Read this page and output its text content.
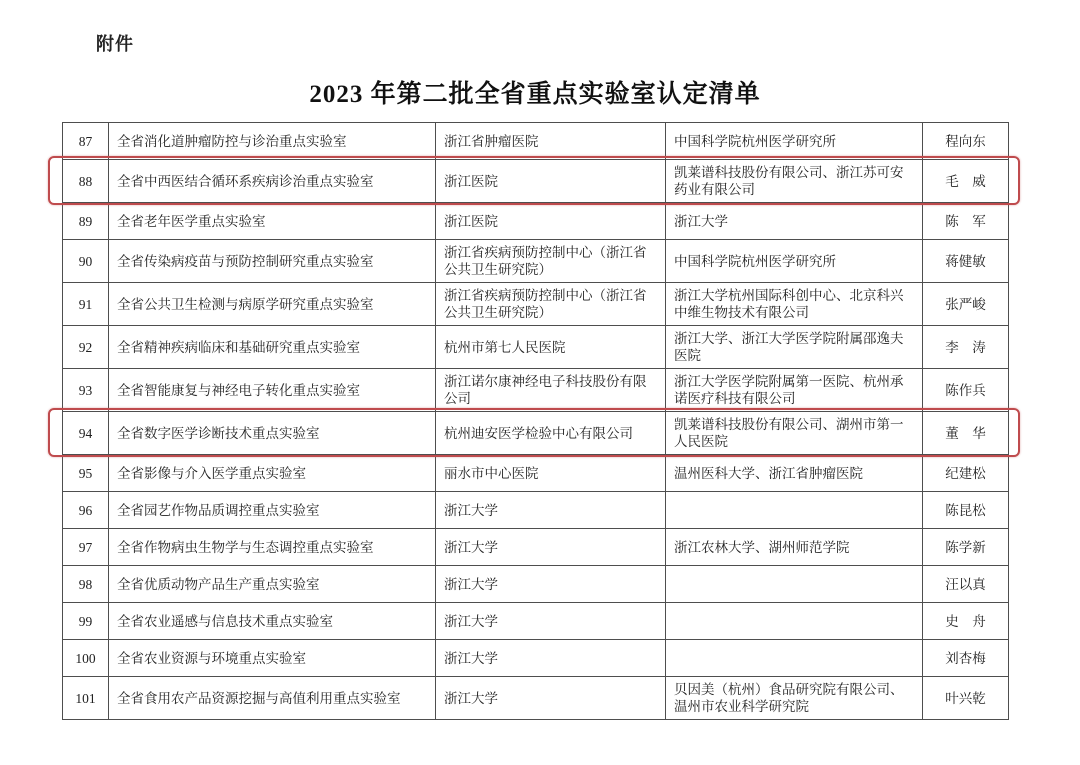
附件
2023 年第二批全省重点实验室认定清单
87	全省消化道肿瘤防控与诊治重点实验室	浙江省肿瘤医院	中国科学院杭州医学研究所	程向东
88	全省中西医结合循环系疾病诊治重点实验室	浙江医院	凯莱谱科技股份有限公司、浙江苏可安药业有限公司	毛　威
89	全省老年医学重点实验室	浙江医院	浙江大学	陈　军
90	全省传染病疫苗与预防控制研究重点实验室	浙江省疾病预防控制中心（浙江省公共卫生研究院）	中国科学院杭州医学研究所	蒋健敏
91	全省公共卫生检测与病原学研究重点实验室	浙江省疾病预防控制中心（浙江省公共卫生研究院）	浙江大学杭州国际科创中心、北京科兴中维生物技术有限公司	张严峻
92	全省精神疾病临床和基础研究重点实验室	杭州市第七人民医院	浙江大学、浙江大学医学院附属邵逸夫医院	李　涛
93	全省智能康复与神经电子转化重点实验室	浙江诺尔康神经电子科技股份有限公司	浙江大学医学院附属第一医院、杭州承诺医疗科技有限公司	陈作兵
94	全省数字医学诊断技术重点实验室	杭州迪安医学检验中心有限公司	凯莱谱科技股份有限公司、湖州市第一人民医院	董　华
95	全省影像与介入医学重点实验室	丽水市中心医院	温州医科大学、浙江省肿瘤医院	纪建松
96	全省园艺作物品质调控重点实验室	浙江大学		陈昆松
97	全省作物病虫生物学与生态调控重点实验室	浙江大学	浙江农林大学、湖州师范学院	陈学新
98	全省优质动物产品生产重点实验室	浙江大学		汪以真
99	全省农业遥感与信息技术重点实验室	浙江大学		史　舟
100	全省农业资源与环境重点实验室	浙江大学		刘杏梅
101	全省食用农产品资源挖掘与高值利用重点实验室	浙江大学	贝因美（杭州）食品研究院有限公司、温州市农业科学研究院	叶兴乾
